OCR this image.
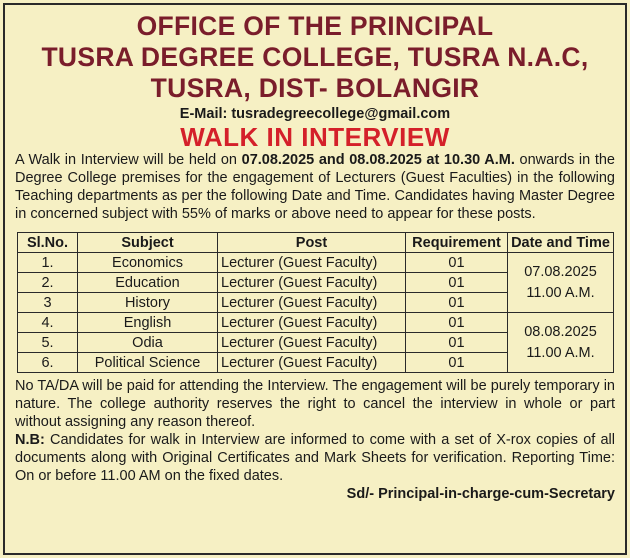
OFFICE OF THE PRINCIPAL
TUSRA DEGREE COLLEGE, TUSRA N.A.C,
TUSRA, DIST- BOLANGIR
E-Mail: tusradegreecollege@gmail.com
WALK IN INTERVIEW

A Walk in Interview will be held on 07.08.2025 and 08.08.2025 at 10.30 A.M. onwards in the Degree College premises for the engagement of Lecturers (Guest Faculties) in the following Teaching departments as per the following Date and Time. Candidates having Master Degree in concerned subject with 55% of marks or above need to appear for these posts.

Sl.No.	Subject	Post	Requirement	Date and Time
1.	Economics	Lecturer (Guest Faculty)	01	07.08.2025
11.00 A.M.
2.	Education	Lecturer (Guest Faculty)	01	
3	History	Lecturer (Guest Faculty)	01	
4.	English	Lecturer (Guest Faculty)	01	08.08.2025
11.00 A.M.
5.	Odia	Lecturer (Guest Faculty)	01	
6.	Political Science	Lecturer (Guest Faculty)	01	

No TA/DA will be paid for attending the Interview. The engagement will be purely temporary in nature. The college authority reserves the right to cancel the interview in whole or part without assigning any reason thereof.

N.B: Candidates for walk in Interview are informed to come with a set of X-rox copies of all documents along with Original Certificates and Mark Sheets for verification. Reporting Time: On or before 11.00 AM on the fixed dates.

Sd/- Principal-in-charge-cum-Secretary
